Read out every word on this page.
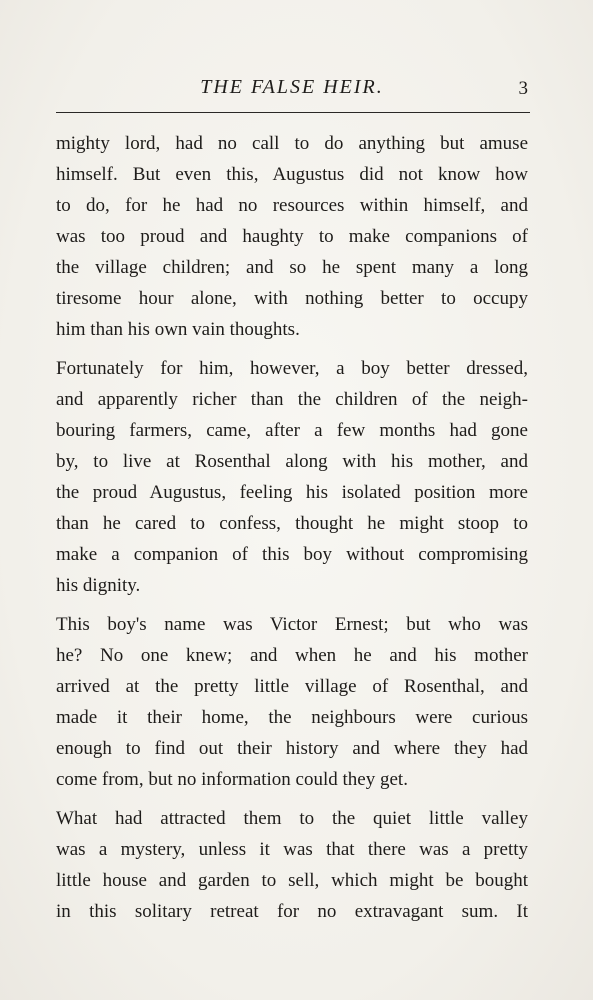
THE FALSE HEIR.	3
mighty lord, had no call to do anything but amuse
himself. But even this, Augustus did not know how
to do, for he had no resources within himself, and
was too proud and haughty to make companions of
the village children; and so he spent many a long
tiresome hour alone, with nothing better to occupy
him than his own vain thoughts.
Fortunately for him, however, a boy better dressed,
and apparently richer than the children of the neigh-
bouring farmers, came, after a few months had gone
by, to live at Rosenthal along with his mother, and
the proud Augustus, feeling his isolated position more
than he cared to confess, thought he might stoop to
make a companion of this boy without compromising
his dignity.
This boy's name was Victor Ernest; but who was
he? No one knew; and when he and his mother
arrived at the pretty little village of Rosenthal, and
made it their home, the neighbours were curious
enough to find out their history and where they had
come from, but no information could they get.
What had attracted them to the quiet little valley
was a mystery, unless it was that there was a pretty
little house and garden to sell, which might be bought
in this solitary retreat for no extravagant sum. It
